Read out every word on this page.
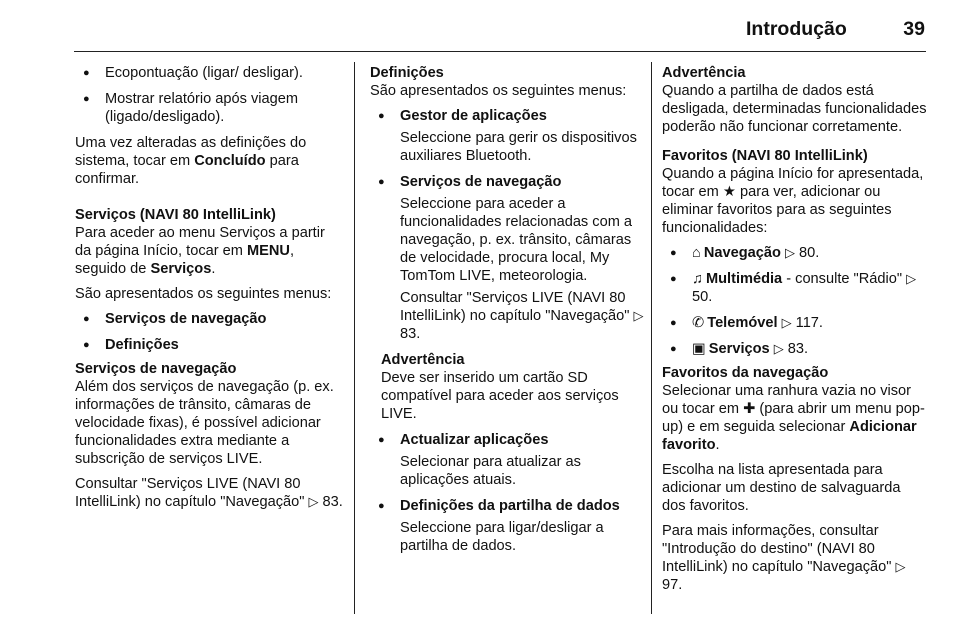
Introdução	39
● Ecopontuação (ligar/ desligar).
● Mostrar relatório após viagem (ligado/desligado).

Uma vez alteradas as definições do sistema, tocar em Concluído para confirmar.

Serviços (NAVI 80 IntelliLink)

Para aceder ao menu Serviços a partir da página Início, tocar em MENU, seguido de Serviços.

São apresentados os seguintes menus:

● Serviços de navegação
● Definições
Serviços de navegação

Além dos serviços de navegação (p. ex. informações de trânsito, câmaras de velocidade fixas), é possível adicionar funcionalidades extra mediante a subscrição de serviços LIVE.

Consultar "Serviços LIVE (NAVI 80 IntelliLink) no capítulo "Navegação" ▷ 83.

Definições

São apresentados os seguintes menus:

● Gestor de aplicações
Seleccione para gerir os dispositivos auxiliares Bluetooth.
● Serviços de navegação
Seleccione para aceder a funcionalidades relacionadas com a navegação, p. ex. trânsito, câmaras de velocidade, procura local, My TomTom LIVE, meteorologia.
Consultar "Serviços LIVE (NAVI 80 IntelliLink) no capítulo "Navegação" ▷ 83.
Advertência
Deve ser inserido um cartão SD compatível para aceder aos serviços LIVE.
● Actualizar aplicações
Selecionar para atualizar as aplicações atuais.
● Definições da partilha de dados
Seleccione para ligar/desligar a partilha de dados.
Advertência
Quando a partilha de dados está desligada, determinadas funcionalidades poderão não funcionar corretamente.
Favoritos (NAVI 80 IntelliLink)

Quando a página Início for apresentada, tocar em ★ para ver, adicionar ou eliminar favoritos para as seguintes funcionalidades:

● ⌂ Navegação ▷ 80.
● ♫ Multimédia - consulte "Rádio" ▷ 50.
● ✆ Telemóvel ▷ 117.
● ▣ Serviços ▷ 83.
Favoritos da navegação

Selecionar uma ranhura vazia no visor ou tocar em ✚ (para abrir um menu pop-up) e em seguida selecionar Adicionar favorito.

Escolha na lista apresentada para adicionar um destino de salvaguarda dos favoritos.

Para mais informações, consultar "Introdução do destino" (NAVI 80 IntelliLink) no capítulo "Navegação" ▷ 97.
